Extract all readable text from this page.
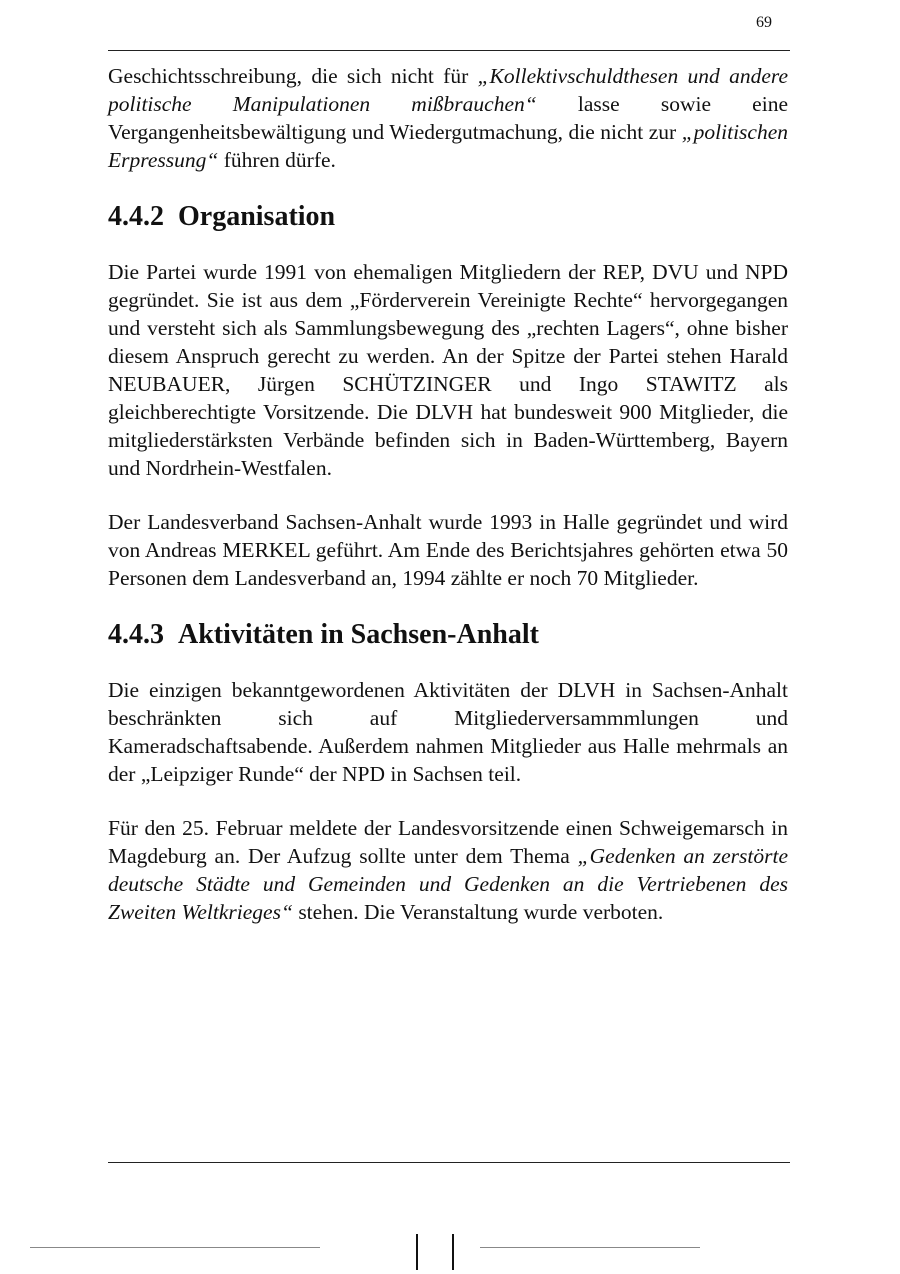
69

Geschichtsschreibung, die sich nicht für „Kollektivschuldthesen und andere politische Manipulationen mißbrauchen“ lasse sowie eine Vergangenheitsbewältigung und Wiedergutmachung, die nicht zur „politischen Erpressung“ führen dürfe.

4.4.2 Organisation

Die Partei wurde 1991 von ehemaligen Mitgliedern der REP, DVU und NPD gegründet. Sie ist aus dem „Förderverein Vereinigte Rechte“ hervorgegangen und versteht sich als Sammlungsbewegung des „rechten Lagers“, ohne bisher diesem Anspruch gerecht zu werden. An der Spitze der Partei stehen Harald NEUBAUER, Jürgen SCHÜTZINGER und Ingo STAWITZ als gleichberechtigte Vorsitzende. Die DLVH hat bundesweit 900 Mitglieder, die mitgliederstärksten Verbände befinden sich in Baden-Württemberg, Bayern und Nordrhein-Westfalen.

Der Landesverband Sachsen-Anhalt wurde 1993 in Halle gegründet und wird von Andreas MERKEL geführt. Am Ende des Berichtsjahres gehörten etwa 50 Personen dem Landesverband an, 1994 zählte er noch 70 Mitglieder.

4.4.3 Aktivitäten in Sachsen-Anhalt

Die einzigen bekanntgewordenen Aktivitäten der DLVH in Sachsen-Anhalt beschränkten sich auf Mitgliederversammmlungen und Kameradschaftsabende. Außerdem nahmen Mitglieder aus Halle mehrmals an der „Leipziger Runde“ der NPD in Sachsen teil.

Für den 25. Februar meldete der Landesvorsitzende einen Schweigemarsch in Magdeburg an. Der Aufzug sollte unter dem Thema „Gedenken an zerstörte deutsche Städte und Gemeinden und Gedenken an die Vertriebenen des Zweiten Weltkrieges“ stehen. Die Veranstaltung wurde verboten.
